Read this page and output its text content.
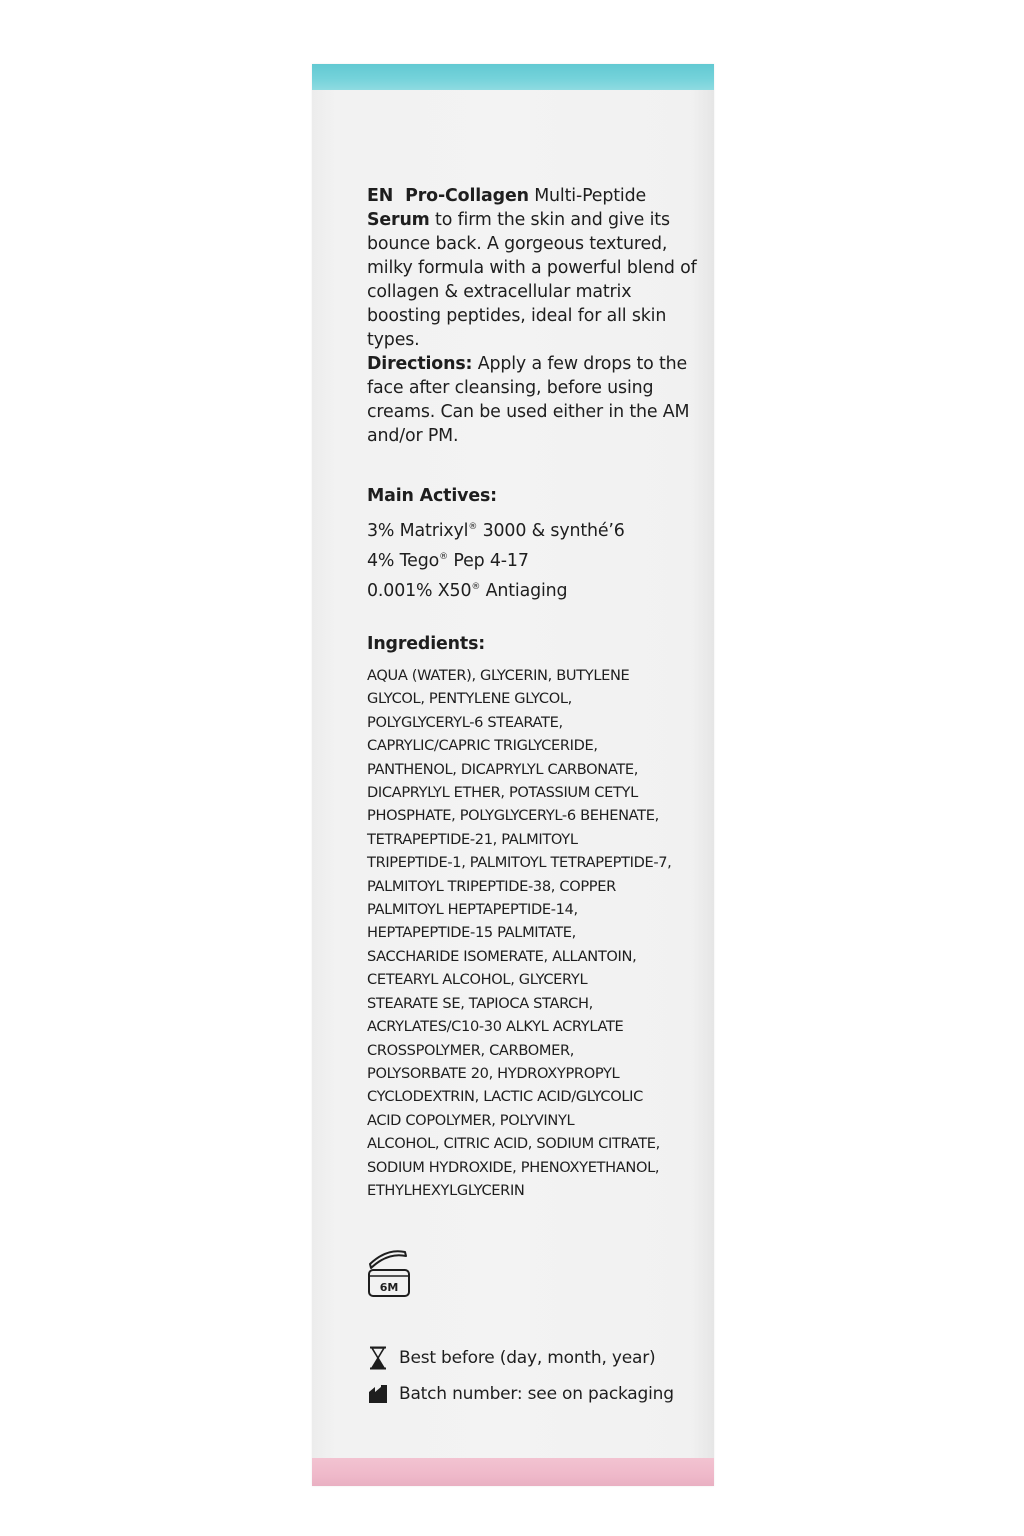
EN Pro-Collagen Multi-Peptide
Serum to firm the skin and give its bounce back. A gorgeous textured, milky formula with a powerful blend of collagen & extracellular matrix boosting peptides, ideal for all skin types.
Directions: Apply a few drops to the face after cleansing, before using creams. Can be used either in the AM and/or PM.

Main Actives:

3% Matrixyl® 3000 & synthé’6
4% Tego® Pep 4-17
0.001% X50® Antiaging

Ingredients:

AQUA (WATER), GLYCERIN, BUTYLENE
GLYCOL, PENTYLENE GLYCOL,
POLYGLYCERYL-6 STEARATE,
CAPRYLIC/CAPRIC TRIGLYCERIDE,
PANTHENOL, DICAPRYLYL CARBONATE,
DICAPRYLYL ETHER, POTASSIUM CETYL
PHOSPHATE, POLYGLYCERYL-6 BEHENATE,
TETRAPEPTIDE-21, PALMITOYL
TRIPEPTIDE-1, PALMITOYL TETRAPEPTIDE-7,
PALMITOYL TRIPEPTIDE-38, COPPER
PALMITOYL HEPTAPEPTIDE-14,
HEPTAPEPTIDE-15 PALMITATE,
SACCHARIDE ISOMERATE, ALLANTOIN,
CETEARYL ALCOHOL, GLYCERYL
STEARATE SE, TAPIOCA STARCH,
ACRYLATES/C10-30 ALKYL ACRYLATE
CROSSPOLYMER, CARBOMER,
POLYSORBATE 20, HYDROXYPROPYL
CYCLODEXTRIN, LACTIC ACID/GLYCOLIC
ACID COPOLYMER, POLYVINYL
ALCOHOL, CITRIC ACID, SODIUM CITRATE,
SODIUM HYDROXIDE, PHENOXYETHANOL,
ETHYLHEXYLGLYCERIN
6M
Best before (day, month, year)
Batch number: see on packaging
